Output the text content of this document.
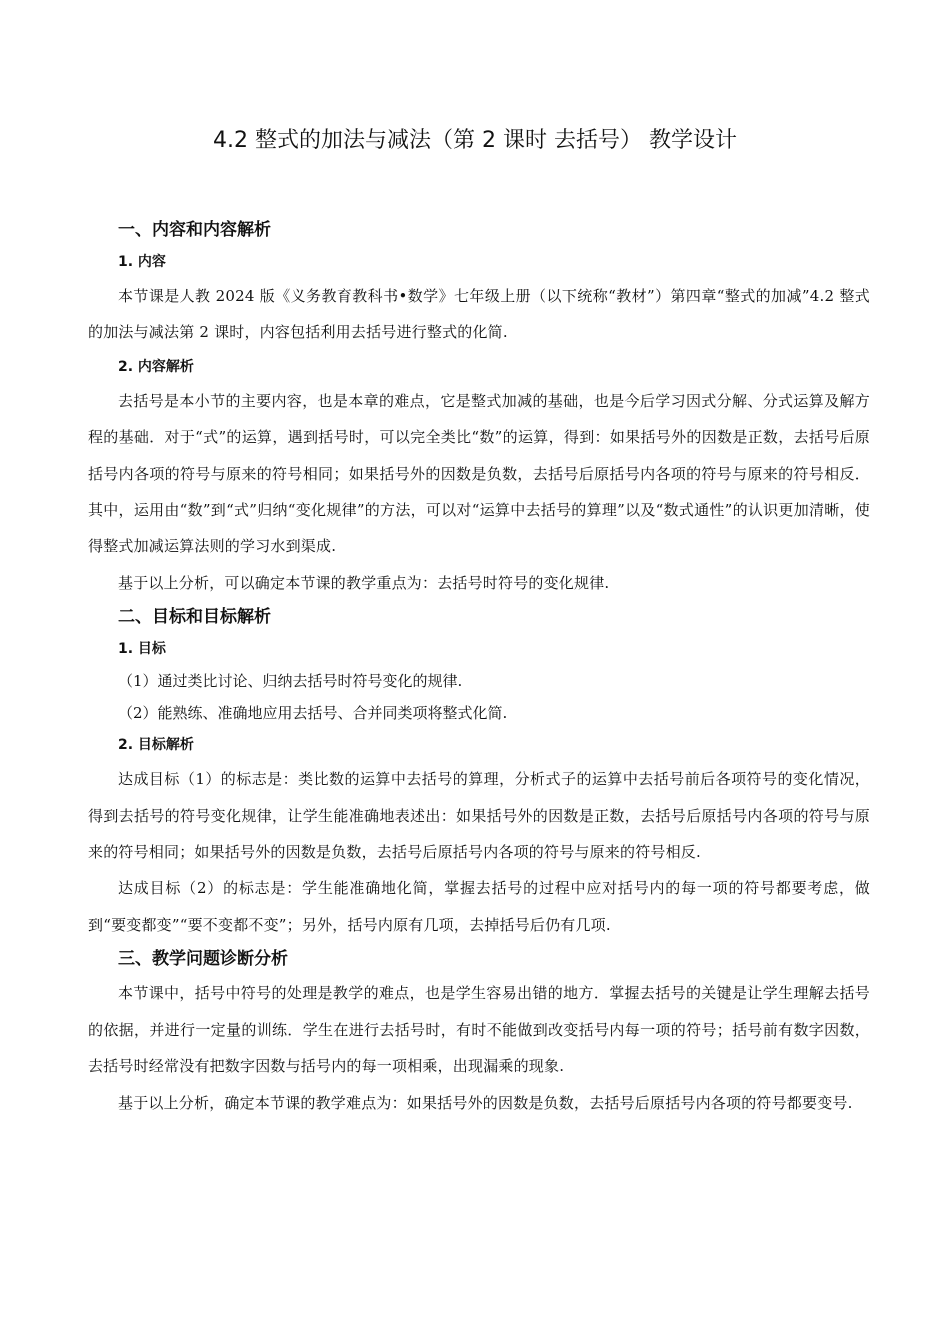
4.2 整式的加法与减法（第 2 课时 去括号） 教学设计
一、内容和内容解析
1. 内容

本节课是人教 2024 版《义务教育教科书•数学》七年级上册（以下统称“教材”）第四章“整式的加减”4.2 整式的加法与减法第 2 课时，内容包括利用去括号进行整式的化简.

2. 内容解析

去括号是本小节的主要内容，也是本章的难点，它是整式加减的基础，也是今后学习因式分解、分式运算及解方程的基础．对于“式”的运算，遇到括号时，可以完全类比“数”的运算，得到：如果括号外的因数是正数，去括号后原括号内各项的符号与原来的符号相同；如果括号外的因数是负数，去括号后原括号内各项的符号与原来的符号相反．其中，运用由“数”到“式”归纳“变化规律”的方法，可以对“运算中去括号的算理”以及“数式通性”的认识更加清晰，使得整式加减运算法则的学习水到渠成.

基于以上分析，可以确定本节课的教学重点为：去括号时符号的变化规律.

二、目标和目标解析
1. 目标
（1）通过类比讨论、归纳去括号时符号变化的规律.
（2）能熟练、准确地应用去括号、合并同类项将整式化简.
2. 目标解析

达成目标（1）的标志是：类比数的运算中去括号的算理，分析式子的运算中去括号前后各项符号的变化情况，得到去括号的符号变化规律，让学生能准确地表述出：如果括号外的因数是正数，去括号后原括号内各项的符号与原来的符号相同；如果括号外的因数是负数，去括号后原括号内各项的符号与原来的符号相反.

达成目标（2）的标志是：学生能准确地化简，掌握去括号的过程中应对括号内的每一项的符号都要考虑，做到“要变都变”“要不变都不变”；另外，括号内原有几项，去掉括号后仍有几项.

三、教学问题诊断分析

本节课中，括号中符号的处理是教学的难点，也是学生容易出错的地方．掌握去括号的关键是让学生理解去括号的依据，并进行一定量的训练．学生在进行去括号时，有时不能做到改变括号内每一项的符号；括号前有数字因数，去括号时经常没有把数字因数与括号内的每一项相乘，出现漏乘的现象.

基于以上分析，确定本节课的教学难点为：如果括号外的因数是负数，去括号后原括号内各项的符号都要变号.
